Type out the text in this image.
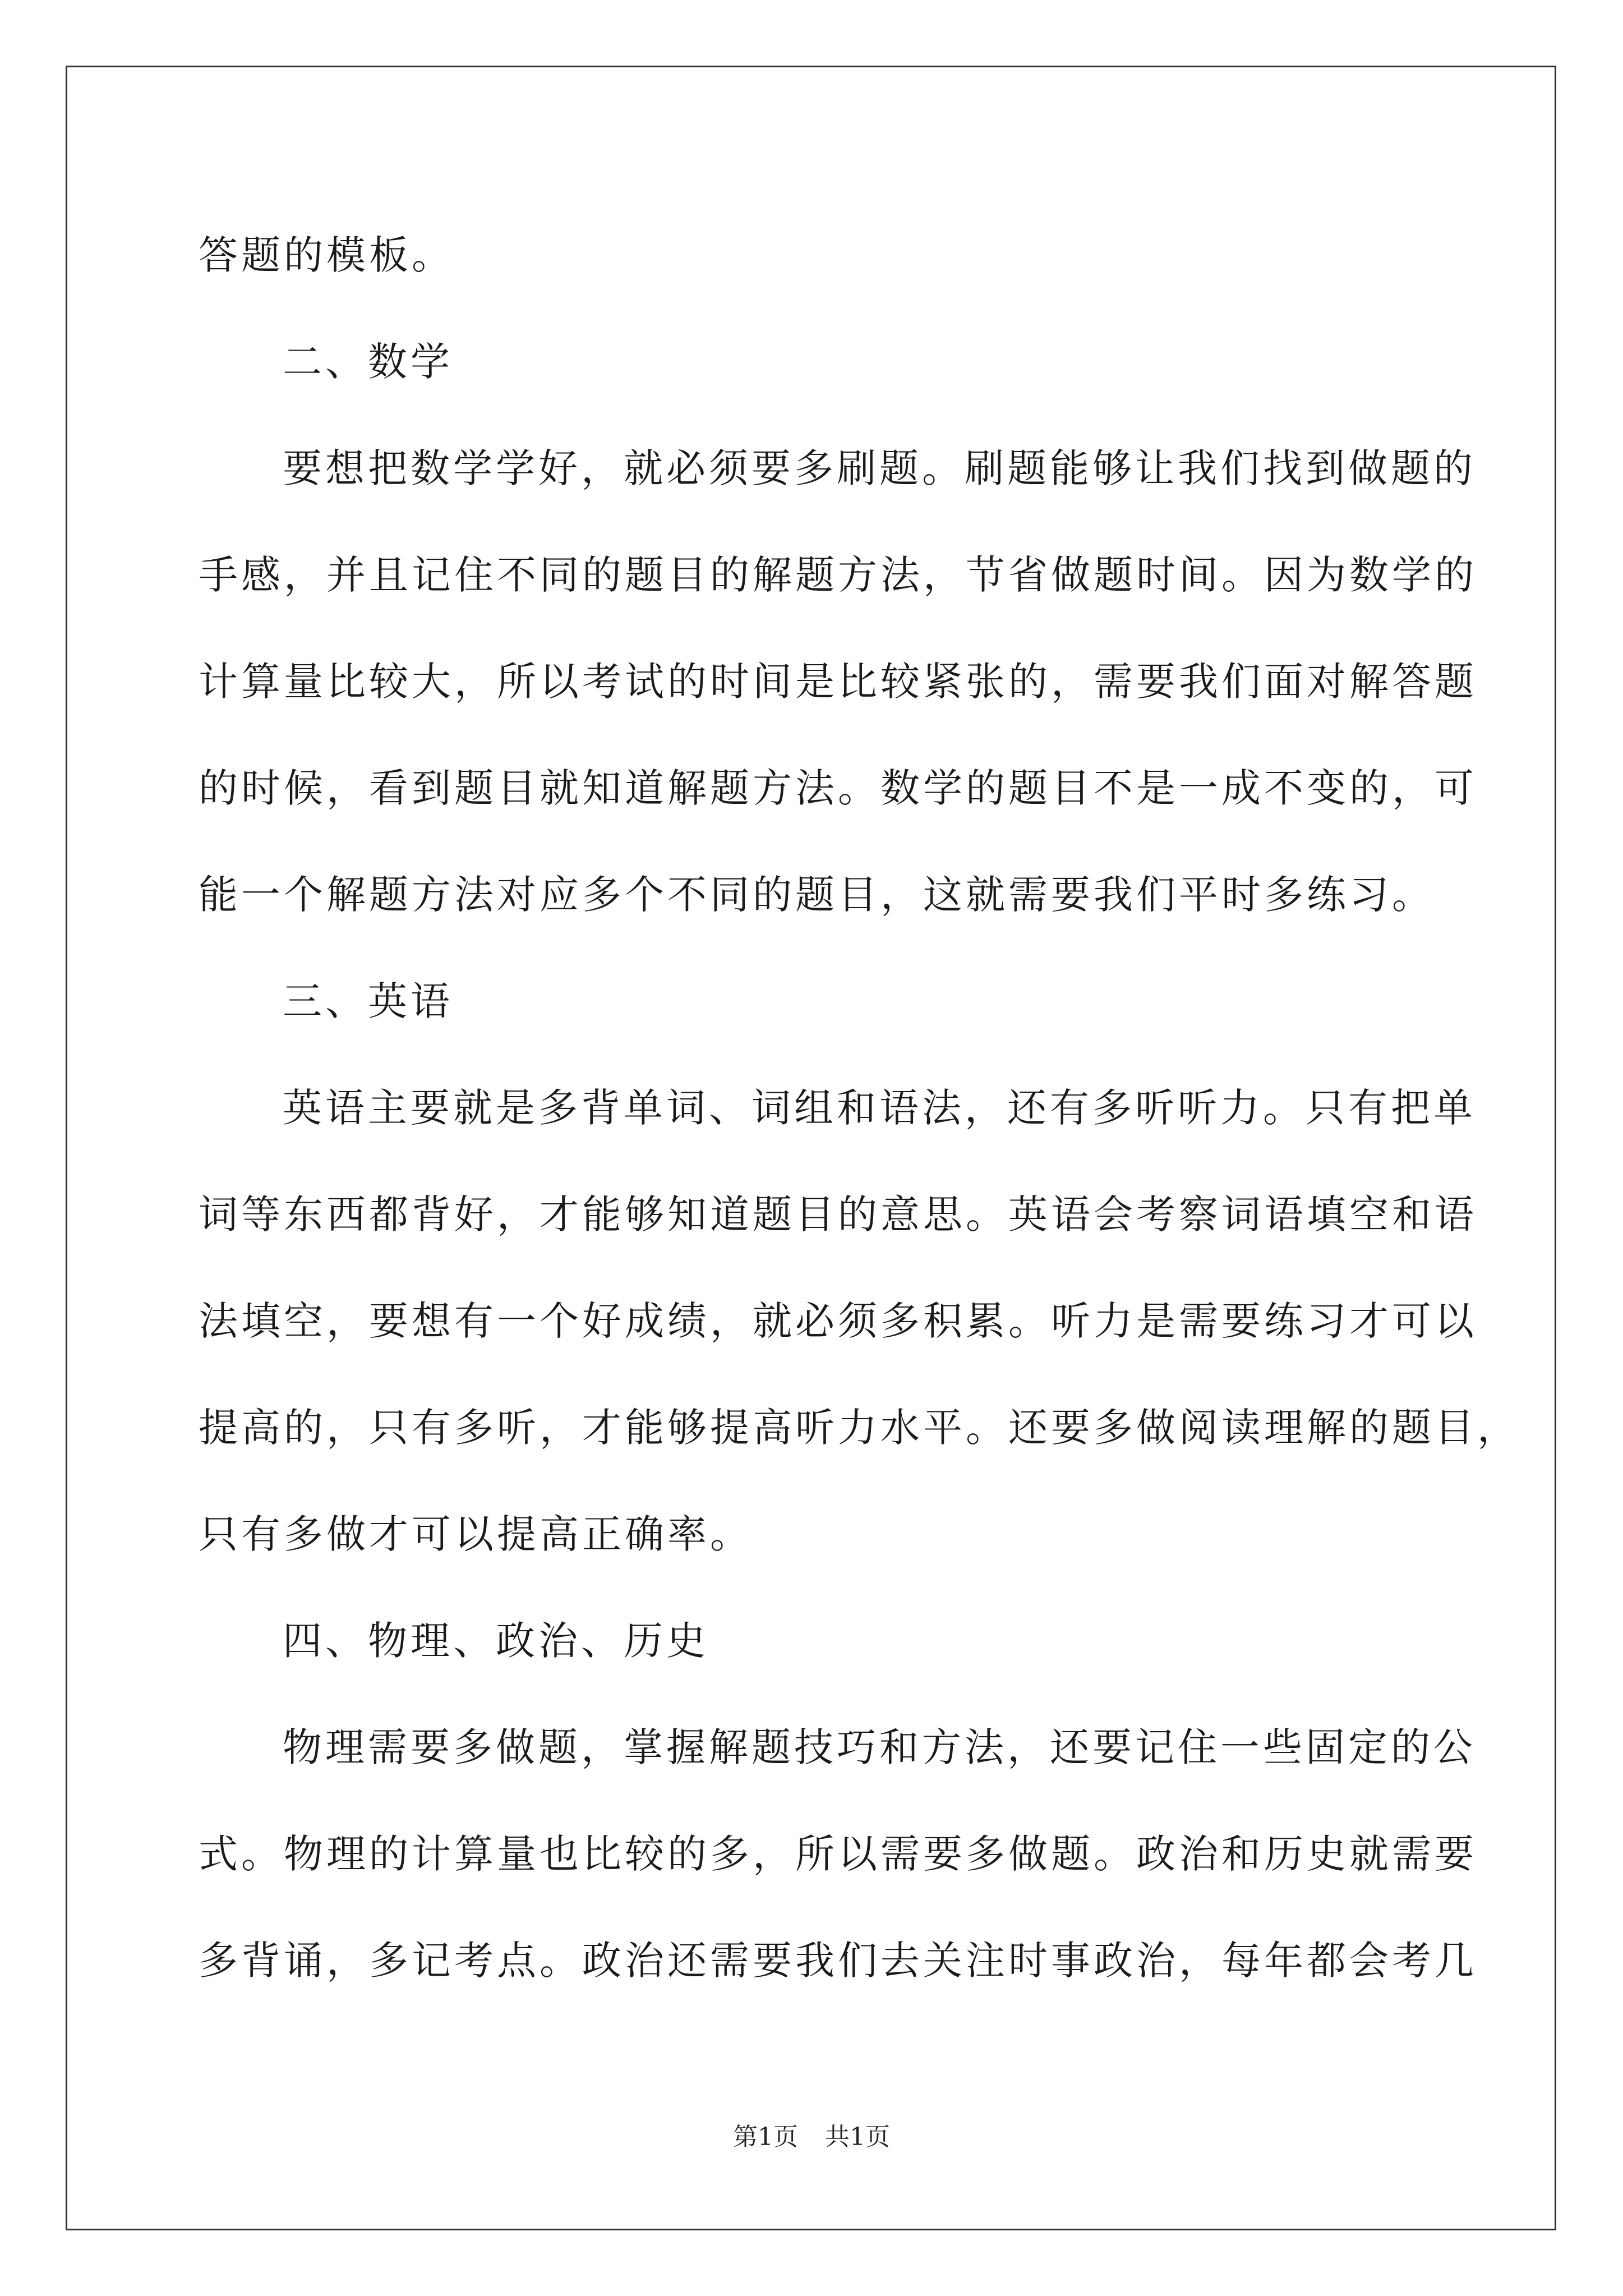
答题的模板。
二、数学
要想把数学学好，就必须要多刷题。刷题能够让我们找到做题的
手感，并且记住不同的题目的解题方法，节省做题时间。因为数学的
计算量比较大，所以考试的时间是比较紧张的，需要我们面对解答题
的时候，看到题目就知道解题方法。数学的题目不是一成不变的，可
能一个解题方法对应多个不同的题目，这就需要我们平时多练习。
三、英语
英语主要就是多背单词、词组和语法，还有多听听力。只有把单
词等东西都背好，才能够知道题目的意思。英语会考察词语填空和语
法填空，要想有一个好成绩，就必须多积累。听力是需要练习才可以
提高的，只有多听，才能够提高听力水平。还要多做阅读理解的题目，
只有多做才可以提高正确率。
四、物理、政治、历史
物理需要多做题，掌握解题技巧和方法，还要记住一些固定的公
式。物理的计算量也比较的多，所以需要多做题。政治和历史就需要
多背诵，多记考点。政治还需要我们去关注时事政治，每年都会考几
第1页 共1页
